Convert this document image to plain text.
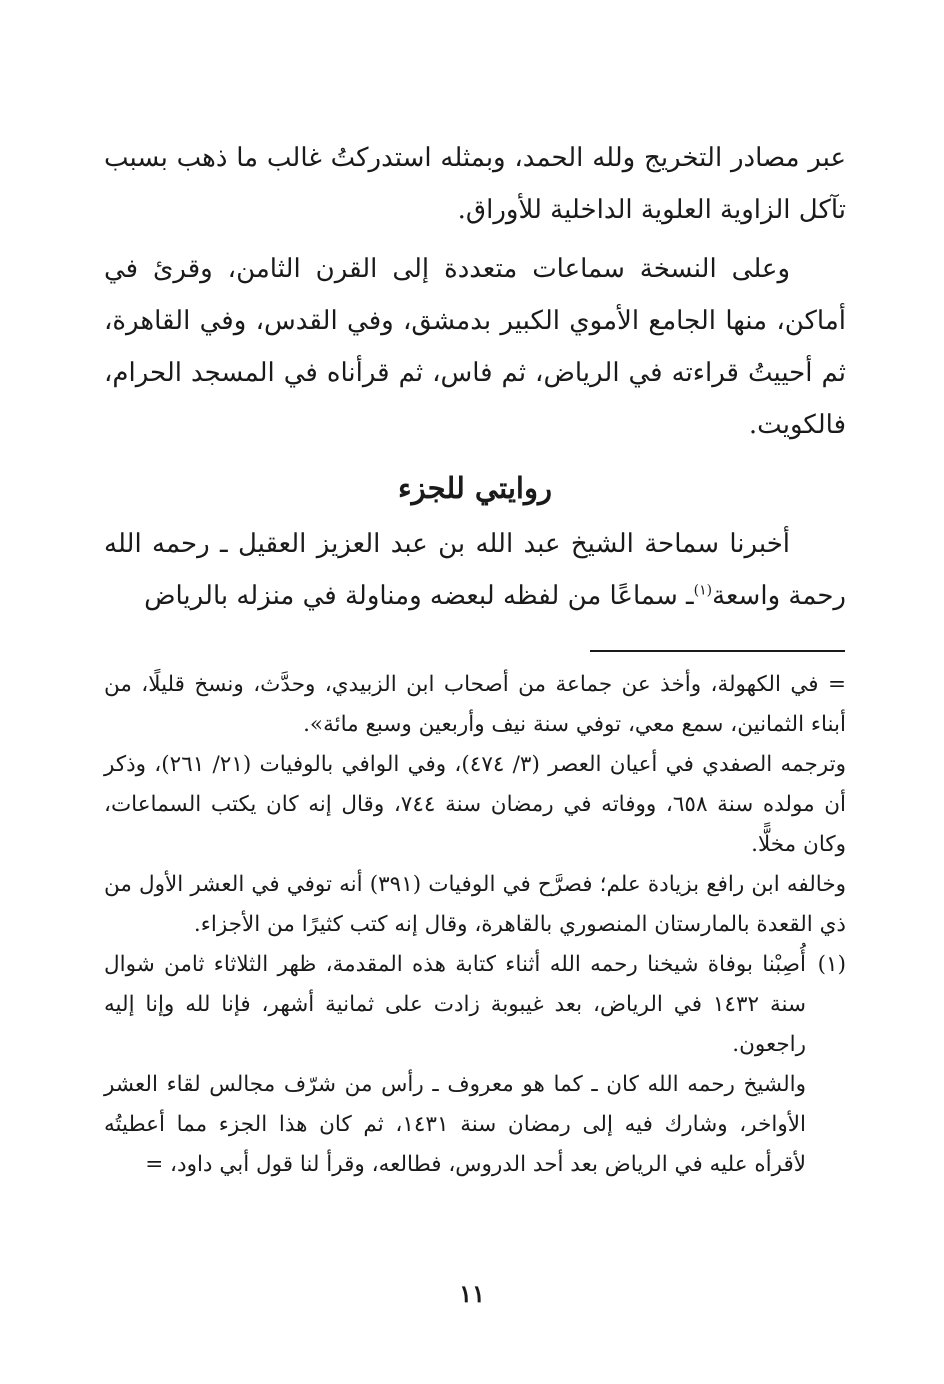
عبر مصادر التخريج ولله الحمد، وبمثله استدركتُ غالب ما ذهب بسبب تآكل الزاوية العلوية الداخلية للأوراق.

وعلى النسخة سماعات متعددة إلى القرن الثامن، وقرئ في أماكن، منها الجامع الأموي الكبير بدمشق، وفي القدس، وفي القاهرة، ثم أحييتُ قراءته في الرياض، ثم فاس، ثم قرأناه في المسجد الحرام، فالكويت.

روايتي للجزء

أخبرنا سماحة الشيخ عبد الله بن عبد العزيز العقيل ـ رحمه الله رحمة واسعة$^{(١)}$ـ سماعًا من لفظه لبعضه ومناولة في منزله بالرياض

= في الكهولة، وأخذ عن جماعة من أصحاب ابن الزبيدي، وحدَّث، ونسخ قليلًا، من أبناء الثمانين، سمع معي، توفي سنة نيف وأربعين وسبع مائة».

وترجمه الصفدي في أعيان العصر (٣/ ٤٧٤)، وفي الوافي بالوفيات (٢١/ ٢٦١)، وذكر أن مولده سنة ٦٥٨، ووفاته في رمضان سنة ٧٤٤، وقال إنه كان يكتب السماعات، وكان مخلًّا.

وخالفه ابن رافع بزيادة علم؛ فصرَّح في الوفيات (٣٩١) أنه توفي في العشر الأول من ذي القعدة بالمارستان المنصوري بالقاهرة، وقال إنه كتب كثيرًا من الأجزاء.

(١)
أُصِبْنا بوفاة شيخنا رحمه الله أثناء كتابة هذه المقدمة، ظهر الثلاثاء ثامن شوال سنة ١٤٣٢ في الرياض، بعد غيبوبة زادت على ثمانية أشهر، فإنا لله وإنا إليه راجعون.

والشيخ رحمه الله كان ـ كما هو معروف ـ رأس من شرّف مجالس لقاء العشر الأواخر، وشارك فيه إلى رمضان سنة ١٤٣١، ثم كان هذا الجزء مما أعطيتُه لأقرأه عليه في الرياض بعد أحد الدروس، فطالعه، وقرأ لنا قول أبي داود، =

١١
